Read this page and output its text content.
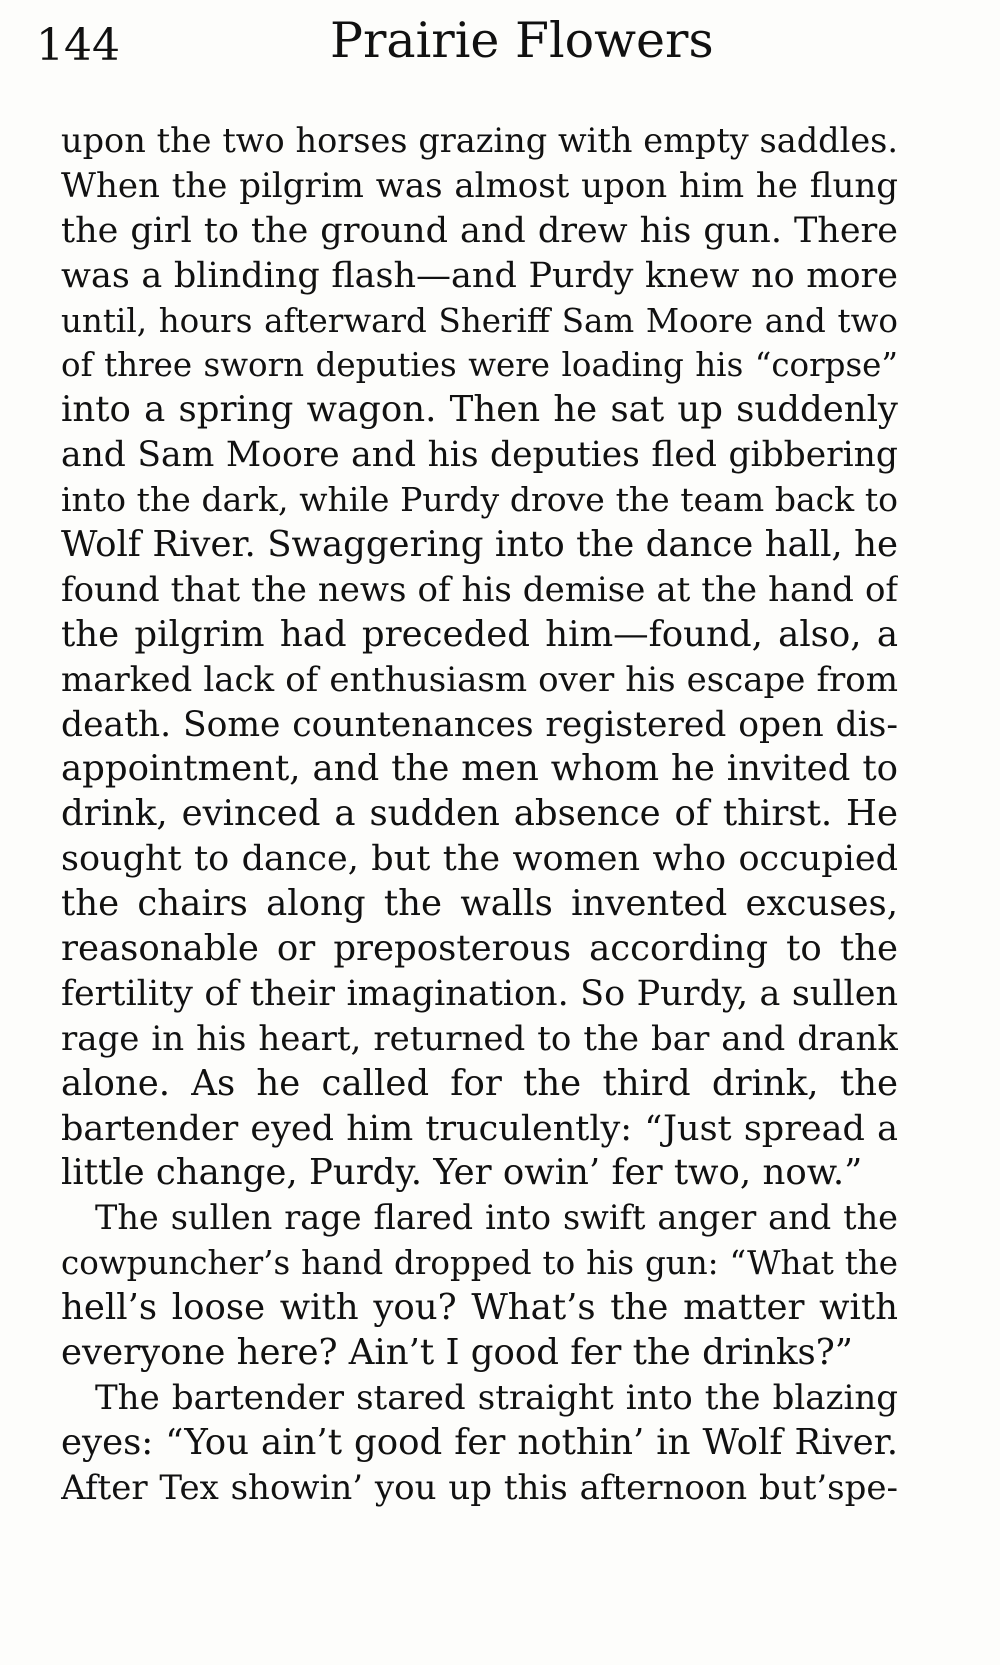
144	Prairie Flowers
upon the two horses grazing with empty saddles.
When the pilgrim was almost upon him he flung
the girl to the ground and drew his gun. There
was a blinding flash—and Purdy knew no more
until, hours afterward Sheriff Sam Moore and two
of three sworn deputies were loading his “corpse”
into a spring wagon. Then he sat up suddenly
and Sam Moore and his deputies fled gibbering
into the dark, while Purdy drove the team back to
Wolf River. Swaggering into the dance hall, he
found that the news of his demise at the hand of
the pilgrim had preceded him—found, also, a
marked lack of enthusiasm over his escape from
death. Some countenances registered open dis-
appointment, and the men whom he invited to
drink, evinced a sudden absence of thirst. He
sought to dance, but the women who occupied
the chairs along the walls invented excuses,
reasonable or preposterous according to the
fertility of their imagination. So Purdy, a sullen
rage in his heart, returned to the bar and drank
alone. As he called for the third drink, the
bartender eyed him truculently: “Just spread a
little change, Purdy. Yer owin’ fer two, now.”
The sullen rage flared into swift anger and the
cowpuncher’s hand dropped to his gun: “What the
hell’s loose with you? What’s the matter with
everyone here? Ain’t I good fer the drinks?”
The bartender stared straight into the blazing
eyes: “You ain’t good fer nothin’ in Wolf River.
After Tex showin’ you up this afternoon but’spe-
